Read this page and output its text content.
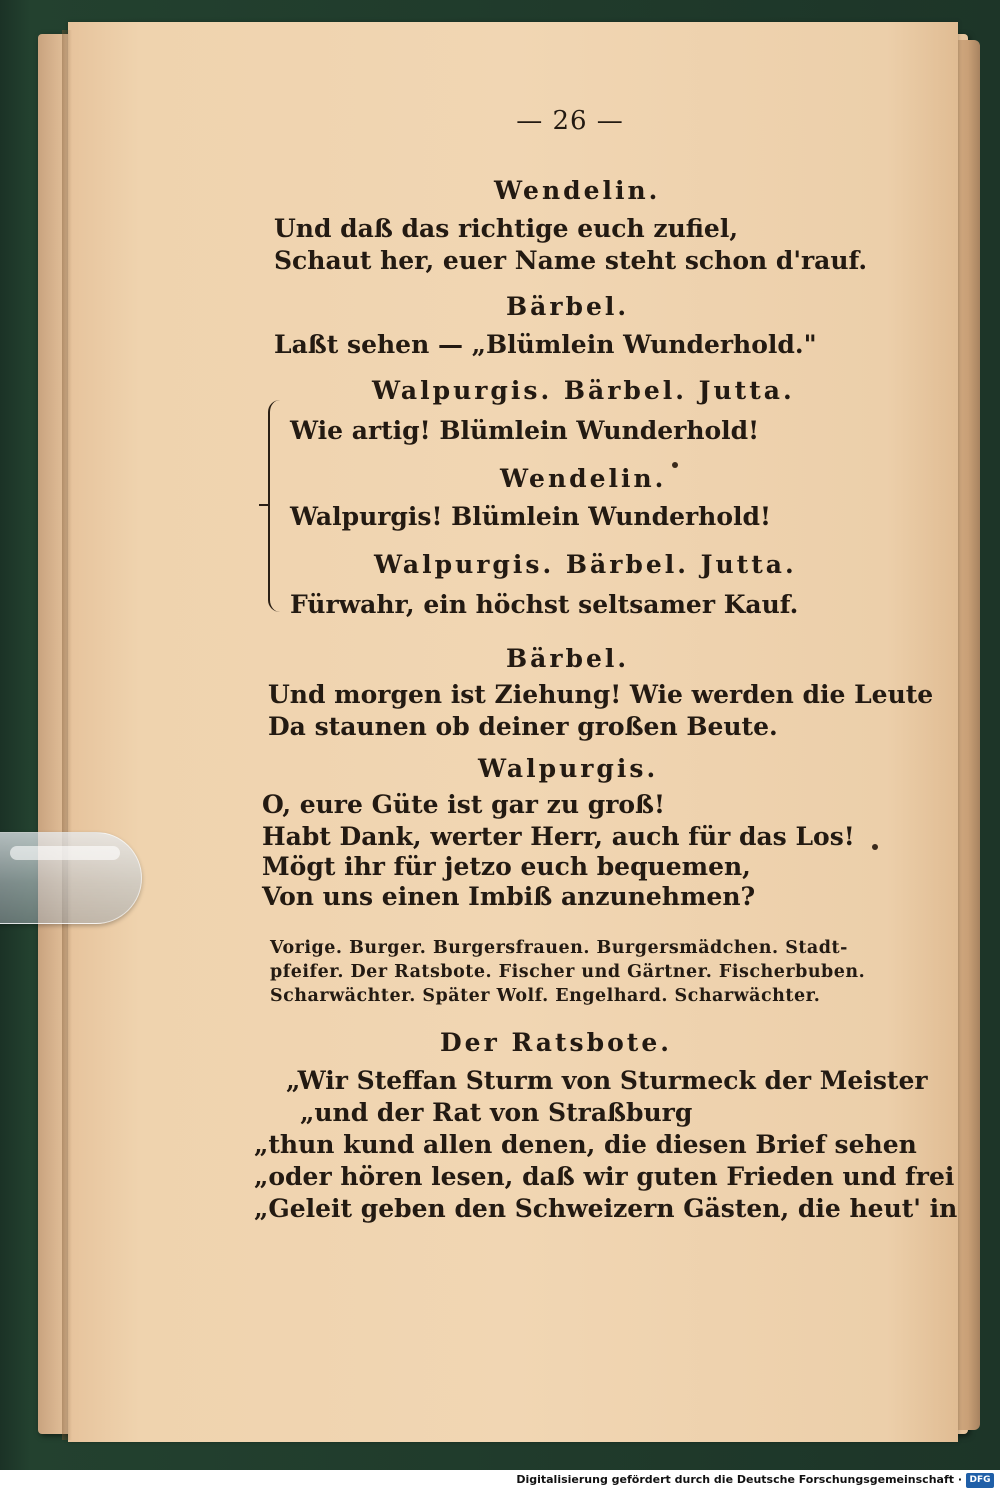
— 26 —
Wendelin.
Und daß das richtige euch zufiel,
Schaut her, euer Name steht schon d'rauf.
Bärbel.
Laßt sehen — „Blümlein Wunderhold."
Walpurgis. Bärbel. Jutta.
Wie artig! Blümlein Wunderhold!
Wendelin.
Walpurgis! Blümlein Wunderhold!
Walpurgis. Bärbel. Jutta.
Fürwahr, ein höchst seltsamer Kauf.
Bärbel.
Und morgen ist Ziehung! Wie werden die Leute
Da staunen ob deiner großen Beute.
Walpurgis.
O, eure Güte ist gar zu groß!
Habt Dank, werter Herr, auch für das Los!
Mögt ihr für jetzo euch bequemen,
Von uns einen Imbiß anzunehmen?
Vorige. Burger. Burgersfrauen. Burgersmädchen. Stadt-
pfeifer. Der Ratsbote. Fischer und Gärtner. Fischerbuben.
Scharwächter. Später Wolf. Engelhard. Scharwächter.
Der Ratsbote.
„Wir Steffan Sturm von Sturmeck der Meister
„und der Rat von Straßburg
„thun kund allen denen, die diesen Brief sehen
„oder hören lesen, daß wir guten Frieden und frei
„Geleit geben den Schweizern Gästen, die heut' in
Digitalisierung gefördert durch die Deutsche Forschungsgemeinschaft · DFG
